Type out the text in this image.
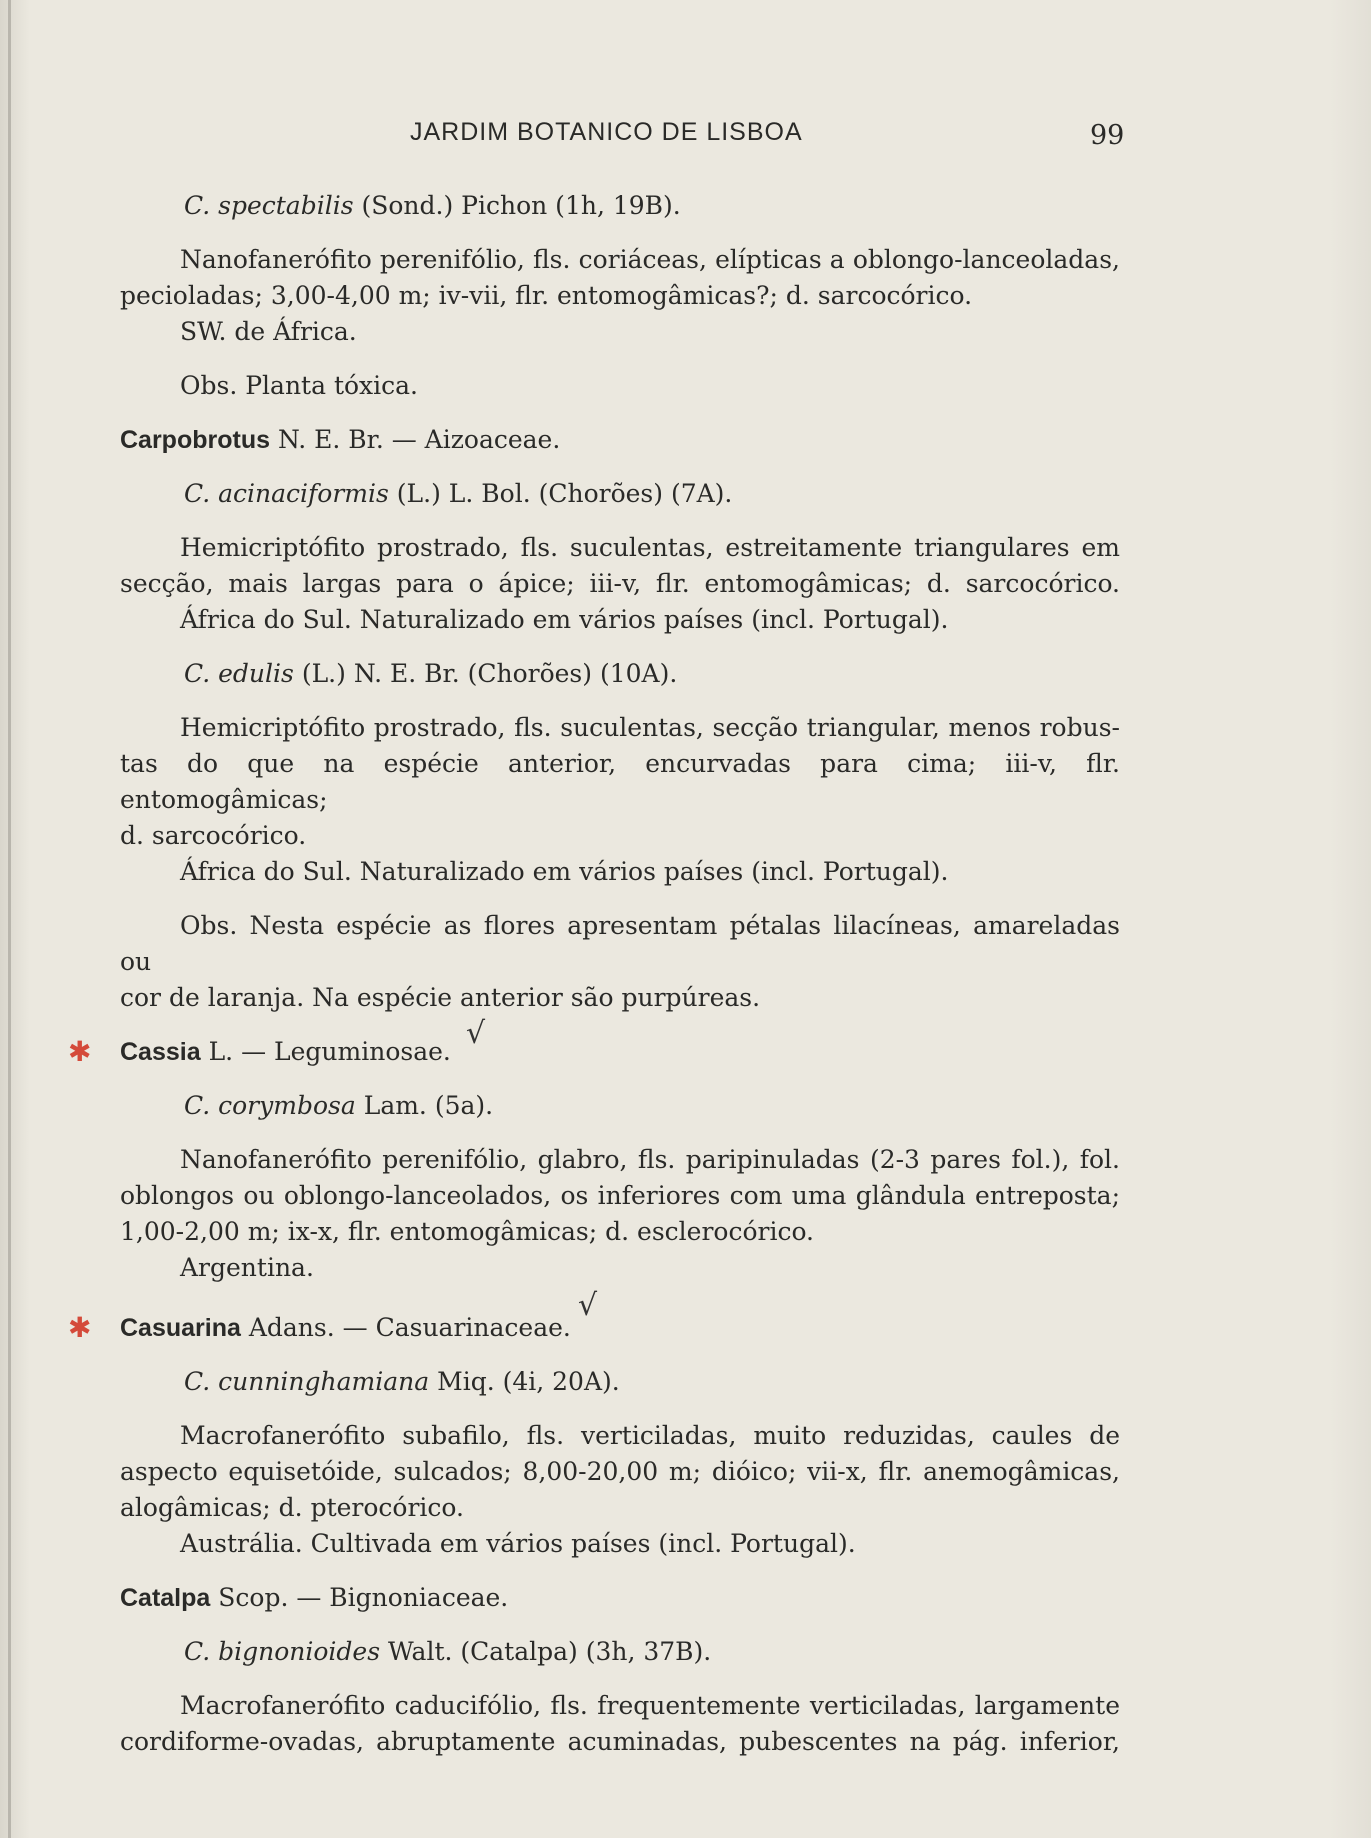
JARDIM BOTANICO DE LISBOA	99

C. spectabilis (Sond.) Pichon (1h, 19B).

Nanofanerófito perenifólio, fls. coriáceas, elípticas a oblongo-lanceoladas,
pecioladas; 3,00-4,00 m; iv-vii, flr. entomogâmicas?; d. sarcocórico.
SW. de África.

Obs. Planta tóxica.

Carpobrotus N. E. Br. — Aizoaceae.

C. acinaciformis (L.) L. Bol. (Chorões) (7A).

Hemicriptófito prostrado, fls. suculentas, estreitamente triangulares em
secção, mais largas para o ápice; iii-v, flr. entomogâmicas; d. sarcocórico.
África do Sul. Naturalizado em vários países (incl. Portugal).

C. edulis (L.) N. E. Br. (Chorões) (10A).

Hemicriptófito prostrado, fls. suculentas, secção triangular, menos robus-
tas do que na espécie anterior, encurvadas para cima; iii-v, flr. entomogâmicas;
d. sarcocórico.
África do Sul. Naturalizado em vários países (incl. Portugal).

Obs. Nesta espécie as flores apresentam pétalas lilacíneas, amareladas ou
cor de laranja. Na espécie anterior são purpúreas.

✱ Cassia L. — Leguminosae.
√

C. corymbosa Lam. (5a).

Nanofanerófito perenifólio, glabro, fls. paripinuladas (2-3 pares fol.), fol.
oblongos ou oblongo-lanceolados, os inferiores com uma glândula entreposta;
1,00-2,00 m; ix-x, flr. entomogâmicas; d. esclerocórico.
Argentina.

✱ Casuarina Adans. — Casuarinaceae.
√

C. cunninghamiana Miq. (4i, 20A).

Macrofanerófito subafilo, fls. verticiladas, muito reduzidas, caules de
aspecto equisetóide, sulcados; 8,00-20,00 m; dióico; vii-x, flr. anemogâmicas,
alogâmicas; d. pterocórico.
Austrália. Cultivada em vários países (incl. Portugal).

Catalpa Scop. — Bignoniaceae.

C. bignonioides Walt. (Catalpa) (3h, 37B).

Macrofanerófito caducifólio, fls. frequentemente verticiladas, largamente
cordiforme-ovadas, abruptamente acuminadas, pubescentes na pág. inferior,
